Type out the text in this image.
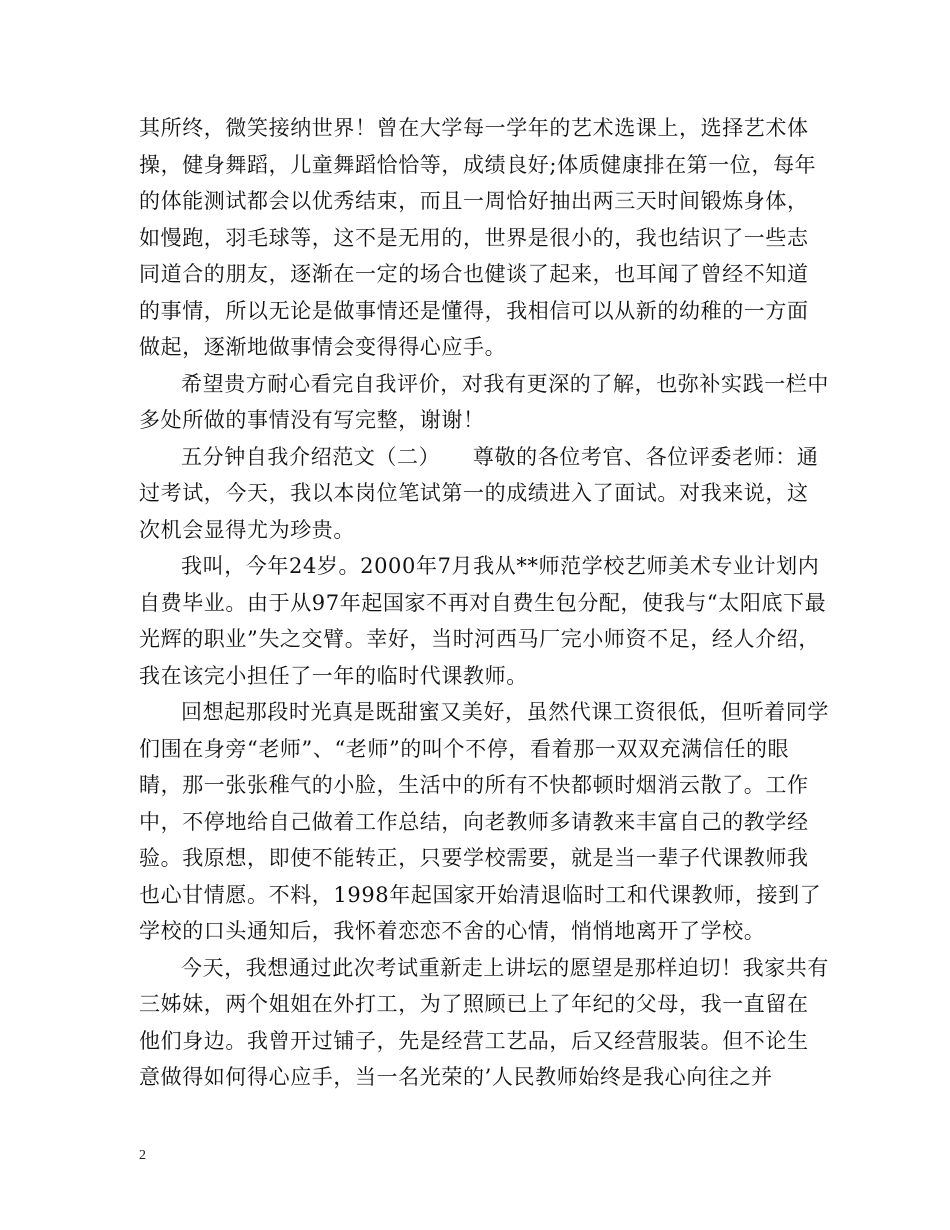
其所终，微笑接纳世界！曾在大学每一学年的艺术选课上，选择艺术体操，健身舞蹈，儿童舞蹈恰恰等，成绩良好;体质健康排在第一位，每年的体能测试都会以优秀结束，而且一周恰好抽出两三天时间锻炼身体，如慢跑，羽毛球等，这不是无用的，世界是很小的，我也结识了一些志同道合的朋友，逐渐在一定的场合也健谈了起来，也耳闻了曾经不知道的事情，所以无论是做事情还是懂得，我相信可以从新的幼稚的一方面做起，逐渐地做事情会变得得心应手。

希望贵方耐心看完自我评价，对我有更深的了解，也弥补实践一栏中多处所做的事情没有写完整，谢谢！

五分钟自我介绍范文（二）　　尊敬的各位考官、各位评委老师：通过考试，今天，我以本岗位笔试第一的成绩进入了面试。对我来说，这次机会显得尤为珍贵。

我叫，今年24岁。2000年7月我从**师范学校艺师美术专业计划内自费毕业。由于从97年起国家不再对自费生包分配，使我与“太阳底下最光辉的职业”失之交臂。幸好，当时河西马厂完小师资不足，经人介绍，我在该完小担任了一年的临时代课教师。

回想起那段时光真是既甜蜜又美好，虽然代课工资很低，但听着同学们围在身旁“老师”、“老师”的叫个不停，看着那一双双充满信任的眼睛，那一张张稚气的小脸，生活中的所有不快都顿时烟消云散了。工作中，不停地给自己做着工作总结，向老教师多请教来丰富自己的教学经验。我原想，即使不能转正，只要学校需要，就是当一辈子代课教师我也心甘情愿。不料，1998年起国家开始清退临时工和代课教师，接到了学校的口头通知后，我怀着恋恋不舍的心情，悄悄地离开了学校。

今天，我想通过此次考试重新走上讲坛的愿望是那样迫切！我家共有三姊妹，两个姐姐在外打工，为了照顾已上了年纪的父母，我一直留在他们身边。我曾开过铺子，先是经营工艺品，后又经营服装。但不论生意做得如何得心应手，当一名光荣的’人民教师始终是我心向往之并

2
